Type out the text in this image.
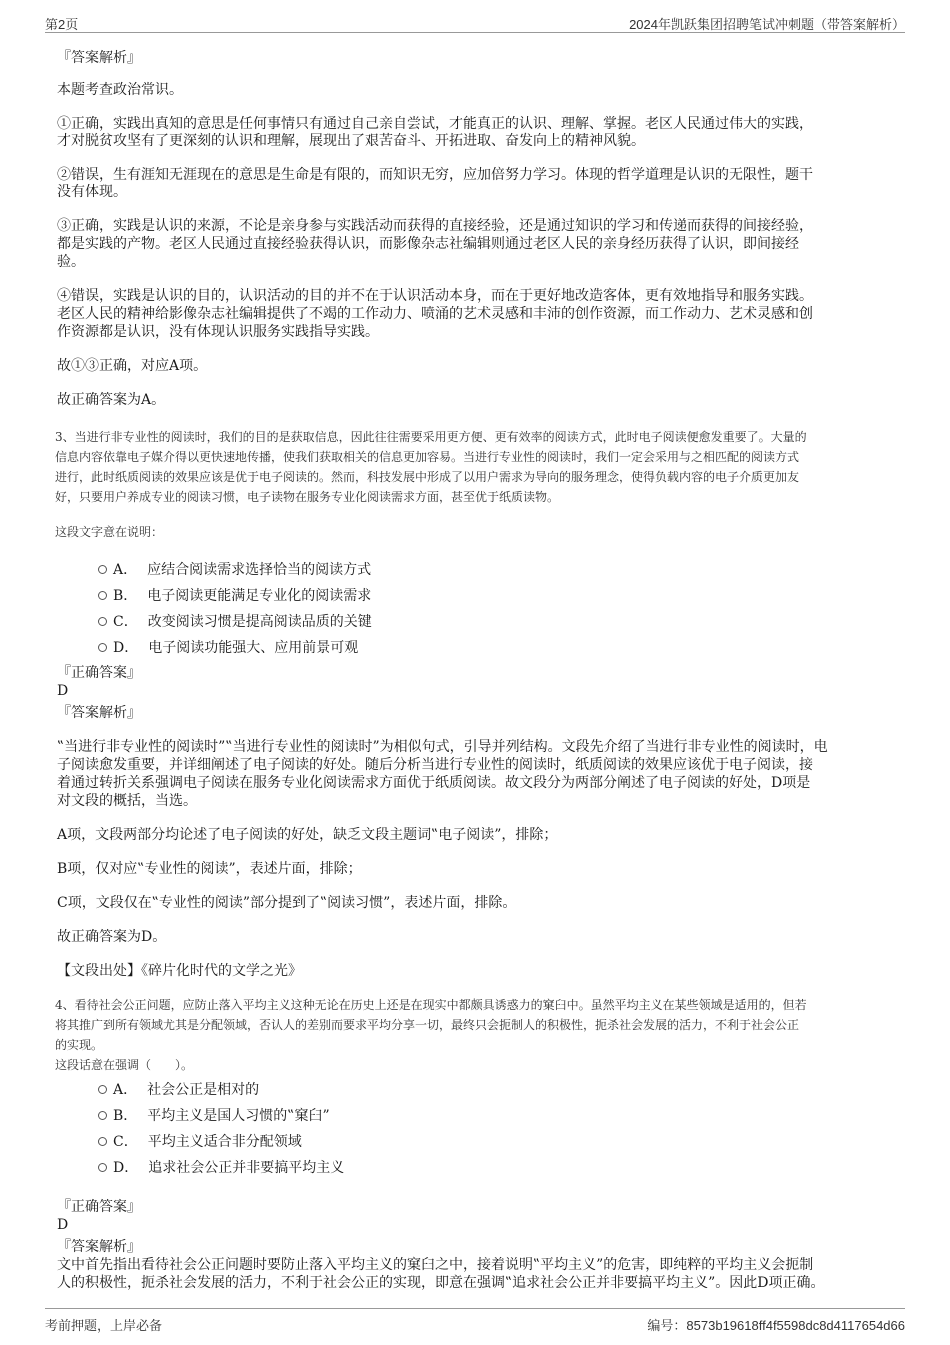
第2页	2024年凯跃集团招聘笔试冲刺题（带答案解析）
『答案解析』
本题考查政治常识。
①正确，实践出真知的意思是任何事情只有通过自己亲自尝试，才能真正的认识、理解、掌握。老区人民通过伟大的实践，
才对脱贫攻坚有了更深刻的认识和理解，展现出了艰苦奋斗、开拓进取、奋发向上的精神风貌。
②错误，生有涯知无涯现在的意思是生命是有限的，而知识无穷，应加倍努力学习。体现的哲学道理是认识的无限性，题干
没有体现。
③正确，实践是认识的来源，不论是亲身参与实践活动而获得的直接经验，还是通过知识的学习和传递而获得的间接经验，
都是实践的产物。老区人民通过直接经验获得认识，而影像杂志社编辑则通过老区人民的亲身经历获得了认识，即间接经
验。
④错误，实践是认识的目的，认识活动的目的并不在于认识活动本身，而在于更好地改造客体，更有效地指导和服务实践。
老区人民的精神给影像杂志社编辑提供了不竭的工作动力、喷涌的艺术灵感和丰沛的创作资源，而工作动力、艺术灵感和创
作资源都是认识，没有体现认识服务实践指导实践。
故①③正确，对应A项。
故正确答案为A。
3、当进行非专业性的阅读时，我们的目的是获取信息，因此往往需要采用更方便、更有效率的阅读方式，此时电子阅读便愈发重要了。大量的
信息内容依靠电子媒介得以更快速地传播，使我们获取相关的信息更加容易。当进行专业性的阅读时，我们一定会采用与之相匹配的阅读方式
进行，此时纸质阅读的效果应该是优于电子阅读的。然而，科技发展中形成了以用户需求为导向的服务理念，使得负载内容的电子介质更加友
好，只要用户养成专业的阅读习惯，电子读物在服务专业化阅读需求方面，甚至优于纸质读物。
这段文字意在说明：
A． 应结合阅读需求选择恰当的阅读方式
B． 电子阅读更能满足专业化的阅读需求
C． 改变阅读习惯是提高阅读品质的关键
D． 电子阅读功能强大、应用前景可观
『正确答案』
D
『答案解析』
‟当进行非专业性的阅读时”‟当进行专业性的阅读时”为相似句式，引导并列结构。文段先介绍了当进行非专业性的阅读时，电
子阅读愈发重要，并详细阐述了电子阅读的好处。随后分析当进行专业性的阅读时，纸质阅读的效果应该优于电子阅读，接
着通过转折关系强调电子阅读在服务专业化阅读需求方面优于纸质阅读。故文段分为两部分阐述了电子阅读的好处，D项是
对文段的概括，当选。
A项，文段两部分均论述了电子阅读的好处，缺乏文段主题词‟电子阅读”，排除；
B项，仅对应‟专业性的阅读”，表述片面，排除；
C项，文段仅在‟专业性的阅读”部分提到了‟阅读习惯”，表述片面，排除。
故正确答案为D。
【文段出处】《碎片化时代的文学之光》
4、看待社会公正问题，应防止落入平均主义这种无论在历史上还是在现实中都颇具诱惑力的窠臼中。虽然平均主义在某些领域是适用的，但若
将其推广到所有领域尤其是分配领域，否认人的差别而要求平均分享一切，最终只会扼制人的积极性，扼杀社会发展的活力，不利于社会公正
的实现。
这段话意在强调（　　）。
A． 社会公正是相对的
B． 平均主义是国人习惯的‟窠臼”
C． 平均主义适合非分配领域
D． 追求社会公正并非要搞平均主义
『正确答案』
D
『答案解析』
文中首先指出看待社会公正问题时要防止落入平均主义的窠臼之中，接着说明‟平均主义”的危害，即纯粹的平均主义会扼制
人的积极性，扼杀社会发展的活力，不利于社会公正的实现，即意在强调‟追求社会公正并非要搞平均主义”。因此D项正确。
考前押题，上岸必备	编号：8573b19618ff4f5598dc8d4117654d66
